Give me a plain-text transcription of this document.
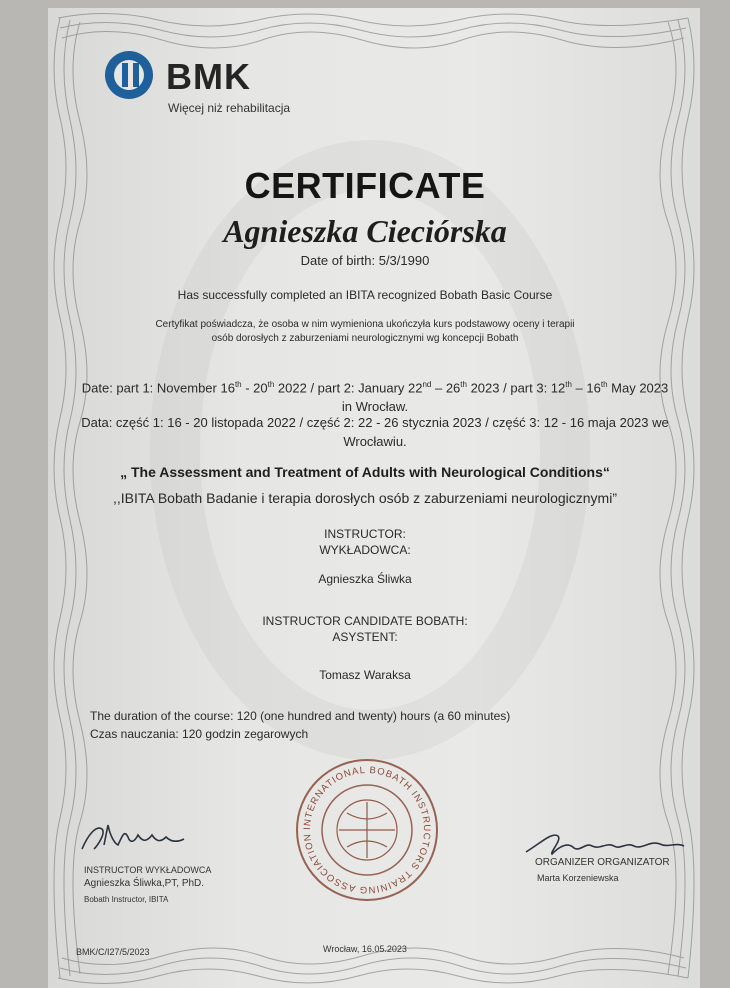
BMK
Więcej niż rehabilitacja
CERTIFICATE
Agnieszka Cieciórska
Date of birth: 5/3/1990
Has successfully completed an IBITA recognized Bobath Basic Course
Certyfikat poświadcza, że osoba w nim wymieniona ukończyła kurs podstawowy oceny i terapii
osób dorosłych z zaburzeniami neurologicznymi wg koncepcji Bobath
Date: part 1: November 16th - 20th 2022 / part 2: January 22nd – 26th 2023 / part 3: 12th – 16th May 2023
in Wrocław.
Data: część 1: 16 - 20 listopada 2022 / część 2: 22 - 26 stycznia 2023 / część 3: 12 - 16 maja 2023 we
Wrocławiu.
„ The Assessment and Treatment of Adults with Neurological Conditions“
,,IBITA Bobath Badanie i terapia dorosłych osób z zaburzeniami neurologicznymi”
INSTRUCTOR:
WYKŁADOWCA:
Agnieszka Śliwka
INSTRUCTOR CANDIDATE BOBATH:
ASYSTENT:
Tomasz Waraksa
The duration of the course: 120 (one hundred and twenty) hours (a 60 minutes)
Czas nauczania: 120 godzin zegarowych
INTERNATIONAL BOBATH INSTRUCTORS TRAINING ASSOCIATION
INSTRUCTOR WYKŁADOWCA
Agnieszka Śliwka,PT, PhD.
Bobath Instructor, IBITA
ORGANIZER ORGANIZATOR
Marta Korzeniewska
BMK/C/I27/5/2023	Wrocław, 16.05.2023
